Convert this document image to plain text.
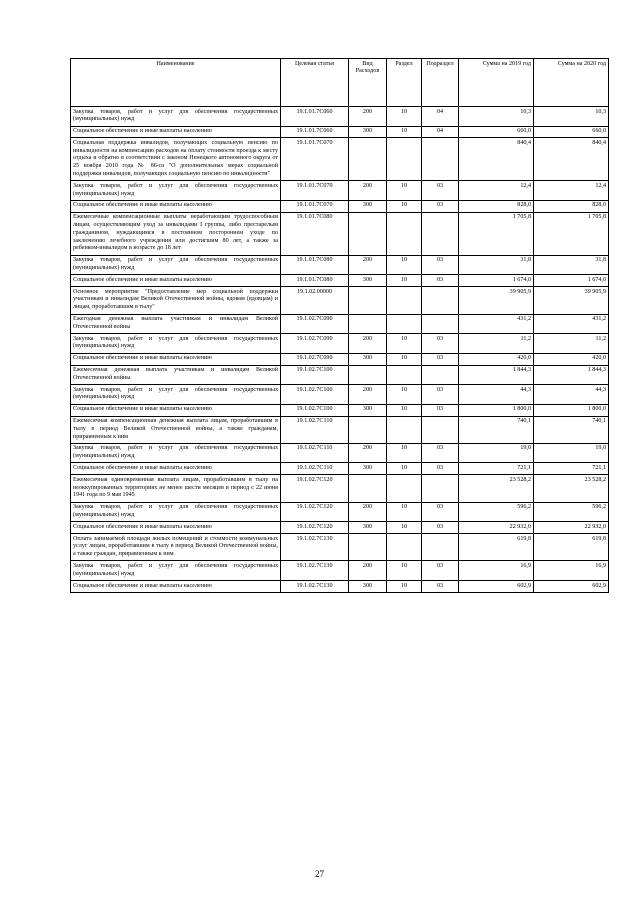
Наименование	Целевая статья	Вид Расходов	Раздел	Подраздел	Сумма на 2019 год	Сумма на 2020 год
Закупка товаров, работ и услуг для обеспечения государственных (муниципальных) нужд	19.1.01.7С060	200	10	04	10,3	10,3
Социальное обеспечение и иные выплаты населению	19.1.01.7С060	300	10	04	660,0	660,0
Социальная поддержка инвалидов, получающих социальную пенсию по инвалидности на компенсацию расходов на оплату стоимости проезда к месту отдыха и обратно в соответствии с законом Ненецкого автономного округа от 25 ноября 2010 года № 86-оз "О дополнительных мерах социальной поддержки инвалидов, получающих социальную пенсию по инвалидности"	19.1.01.7С070				840,4	840,4
Закупка товаров, работ и услуг для обеспечения государственных (муниципальных) нужд	19.1.01.7С070	200	10	03	12,4	12,4
Социальное обеспечение и иные выплаты населению	19.1.01.7С070	300	10	03	828,0	828,0
Ежемесячные компенсационные выплаты неработающим трудоспособным лицам, осуществляющим уход за инвалидами I группы, либо престарелым гражданином, нуждающимся в постоянном постороннем уходе по заключению лечебного учреждения или достигшим 80 лет, а также за ребенком-инвалидом в возрасте до 18 лет	19.1.01.7С080				1 705,8	1 705,8
Закупка товаров, работ и услуг для обеспечения государственных (муниципальных) нужд	19.1.01.7С080	200	10	03	31,8	31,8
Социальное обеспечение и иные выплаты населению	19.1.01.7С080	300	10	03	1 674,0	1 674,0
Основное мероприятие "Предоставление мер социальной поддержки участникам и инвалидам Великой Отечественной войны, вдовам (вдовцам) и лицам, проработавшим в тылу"	19.1.02.00000				39 905,9	39 905,9
Ежегодная денежная выплата участникам и инвалидам Великой Отечественной войны	19.1.02.7С090				431,2	431,2
Закупка товаров, работ и услуг для обеспечения государственных (муниципальных) нужд	19.1.02.7С090	200	10	03	11,2	11,2
Социальное обеспечение и иные выплаты населению	19.1.02.7С090	300	10	03	420,0	420,0
Ежемесячная денежная выплата участникам и инвалидам Великой Отечественной войны	19.1.02.7С100				1 844,3	1 844,3
Закупка товаров, работ и услуг для обеспечения государственных (муниципальных) нужд	19.1.02.7С100	200	10	03	44,3	44,3
Социальное обеспечение и иные выплаты населению	19.1.02.7С100	300	10	03	1 800,0	1 800,0
Ежемесячная компенсационная денежная выплата лицам, проработавшим в тылу в период Великой Отечественной войны, а также гражданам, приравненным к ним	19.1.02.7С110				740,1	740,1
Закупка товаров, работ и услуг для обеспечения государственных (муниципальных) нужд	19.1.02.7С110	200	10	03	19,0	19,0
Социальное обеспечение и иные выплаты населению	19.1.02.7С110	300	10	03	721,1	721,1
Ежемесячная единовременная выплата лицам, проработавшим в тылу на неоккупированных территориях не менее шести месяцев в период с 22 июня 1941 года по 9 мая 1945	19.1.02.7С120				23 528,2	23 528,2
Закупка товаров, работ и услуг для обеспечения государственных (муниципальных) нужд	19.1.02.7С120	200	10	03	596,2	596,2
Социальное обеспечение и иные выплаты населению	19.1.02.7С120	300	10	03	22 932,0	22 932,0
Оплата занимаемой площади жилых помещений и стоимости коммунальных услуг лицам, проработавшим в тылу в период Великой Отечественной войны, а также граждан, приравненным к ним	19.1.02.7С130				619,8	619,8
Закупка товаров, работ и услуг для обеспечения государственных (муниципальных) нужд	19.1.02.7С130	200	10	03	16,9	16,9
Социальное обеспечение и иные выплаты населению	19.1.02.7С130	300	10	03	602,9	602,9
27
